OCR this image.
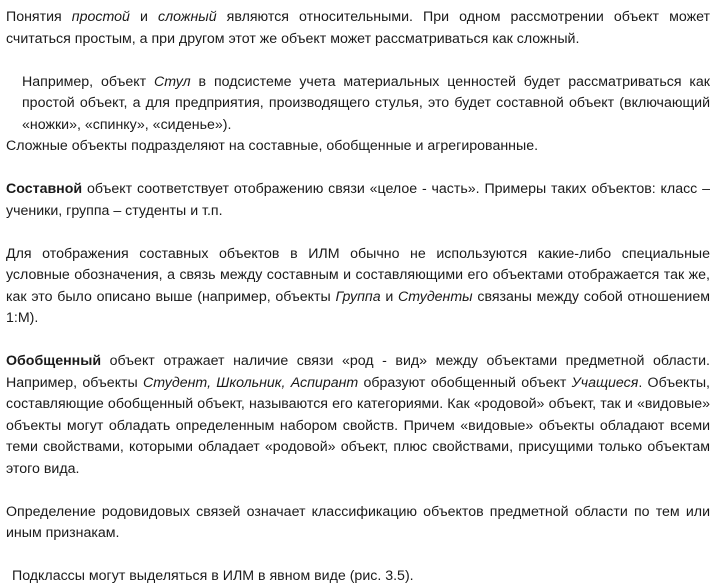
Понятия простой и сложный являются относительными. При одном рассмотрении объект может считаться простым, а при другом этот же объект может рассматриваться как сложный.

Например, объект Стул в подсистеме учета материальных ценностей будет рассматриваться как простой объект, а для предприятия, производящего стулья, это будет составной объект (включающий «ножки», «спинку», «сиденье»).

Сложные объекты подразделяют на составные, обобщенные и агрегированные.

Составной объект соответствует отображению связи «целое - часть». Примеры таких объектов: класс – ученики, группа – студенты и т.п.

Для отображения составных объектов в ИЛМ обычно не используются какие-либо специальные условные обозначения, а связь между составным и составляющими его объектами отображается так же, как это было описано выше (например, объекты Группа и Студенты связаны между собой отношением 1:М).

Обобщенный объект отражает наличие связи «род - вид» между объектами предметной области. Например, объекты Студент, Школьник, Аспирант образуют обобщенный объект Учащиеся. Объекты, составляющие обобщенный объект, называются его категориями. Как «родовой» объект, так и «видовые» объекты могут обладать определенным набором свойств. Причем «видовые» объекты обладают всеми теми свойствами, которыми обладает «родовой» объект, плюс свойствами, присущими только объектам этого вида.

Определение родовидовых связей означает классификацию объектов предметной области по тем или иным признакам.

Подклассы могут выделяться в ИЛМ в явном виде (рис. 3.5).
